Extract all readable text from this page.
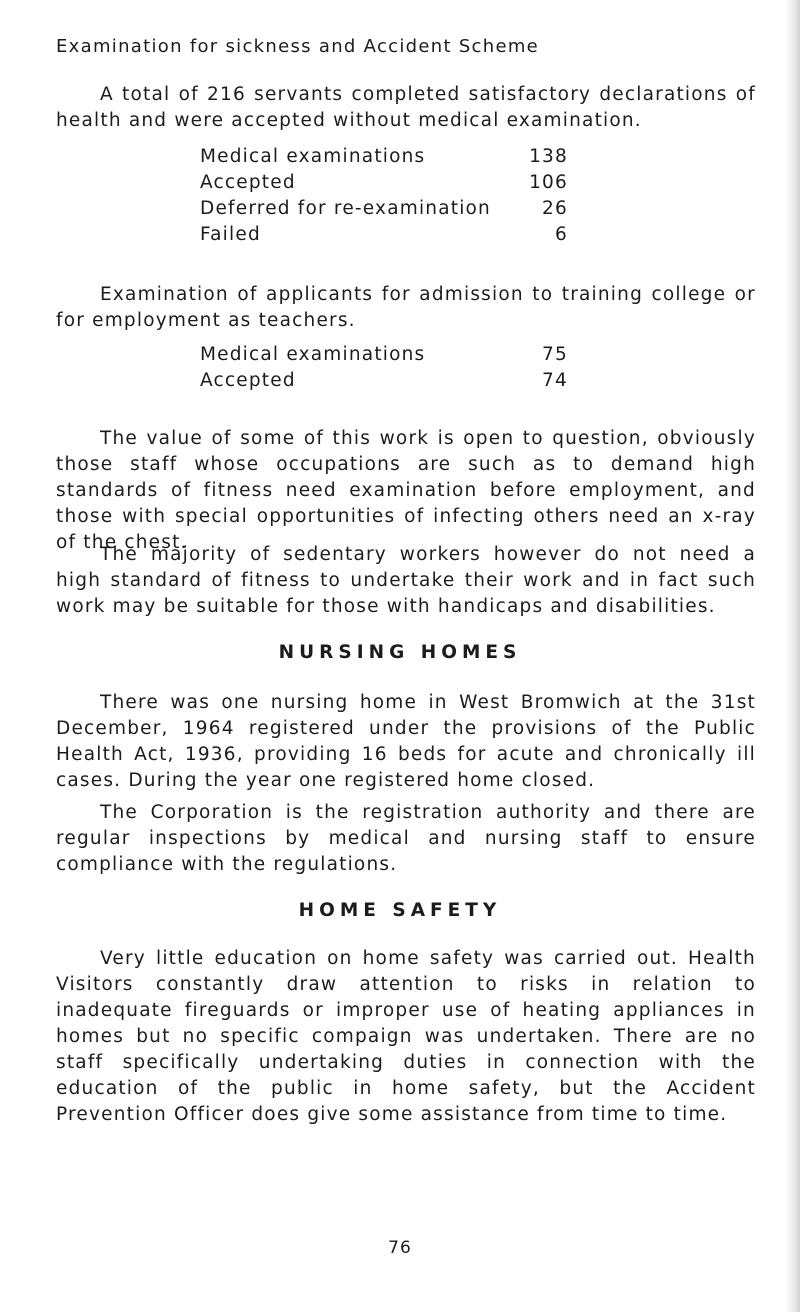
Examination for sickness and Accident Scheme

A total of 216 servants completed satisfactory declarations of health and were accepted without medical examination.

Medical examinations	138
Accepted	106
Deferred for re-examination	26
Failed	6

Examination of applicants for admission to training college or for employment as teachers.

Medical examinations	75
Accepted	74

The value of some of this work is open to question, obviously those staff whose occupations are such as to demand high standards of fitness need examination before employment, and those with special opportunities of infecting others need an x-ray of the chest.

The majority of sedentary workers however do not need a high standard of fitness to undertake their work and in fact such work may be suitable for those with handicaps and disabilities.

NURSING HOMES

There was one nursing home in West Bromwich at the 31st December, 1964 registered under the provisions of the Public Health Act, 1936, providing 16 beds for acute and chronically ill cases. During the year one registered home closed.

The Corporation is the registration authority and there are regular inspections by medical and nursing staff to ensure compliance with the regulations.

HOME SAFETY

Very little education on home safety was carried out. Health Visitors constantly draw attention to risks in relation to inadequate fireguards or improper use of heating appliances in homes but no specific compaign was undertaken. There are no staff specifically undertaking duties in connection with the education of the public in home safety, but the Accident Prevention Officer does give some assistance from time to time.

76
